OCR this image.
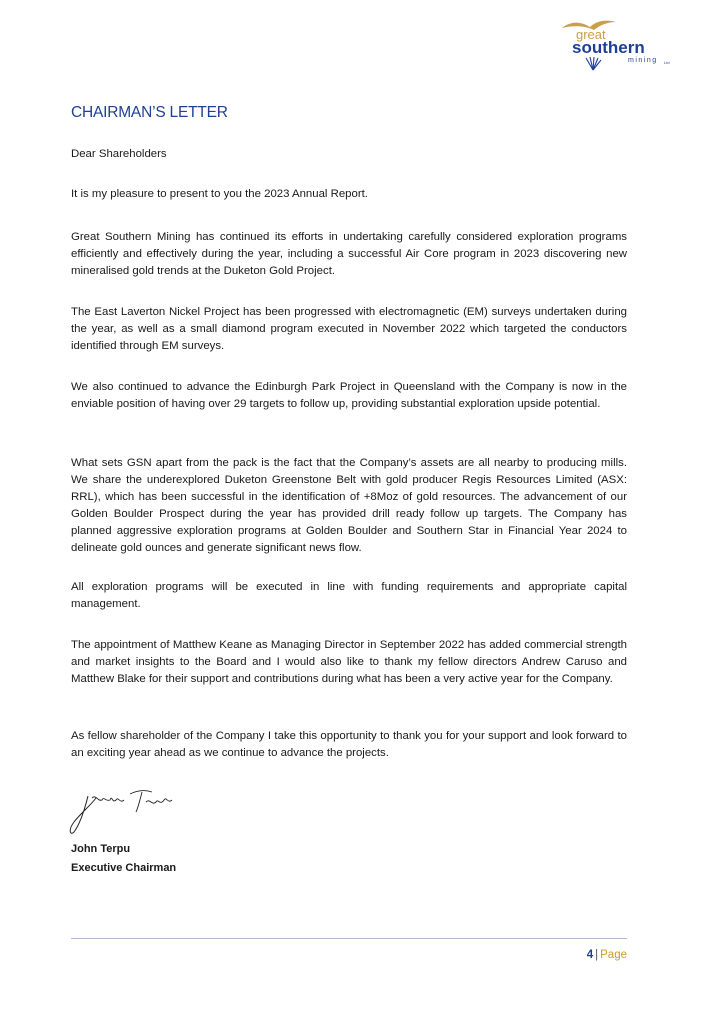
great
southern
mining Ltd
CHAIRMAN’S LETTER

Dear Shareholders

It is my pleasure to present to you the 2023 Annual Report.

Great Southern Mining has continued its efforts in undertaking carefully considered exploration programs efficiently and effectively during the year, including a successful Air Core program in 2023 discovering new mineralised gold trends at the Duketon Gold Project.

The East Laverton Nickel Project has been progressed with electromagnetic (EM) surveys undertaken during the year, as well as a small diamond program executed in November 2022 which targeted the conductors identified through EM surveys.

We also continued to advance the Edinburgh Park Project in Queensland with the Company is now in the enviable position of having over 29 targets to follow up, providing substantial exploration upside potential.

What sets GSN apart from the pack is the fact that the Company’s assets are all nearby to producing mills. We share the underexplored Duketon Greenstone Belt with gold producer Regis Resources Limited (ASX: RRL), which has been successful in the identification of +8Moz of gold resources. The advancement of our Golden Boulder Prospect during the year has provided drill ready follow up targets. The Company has planned aggressive exploration programs at Golden Boulder and Southern Star in Financial Year 2024 to delineate gold ounces and generate significant news flow.

All exploration programs will be executed in line with funding requirements and appropriate capital management.

The appointment of Matthew Keane as Managing Director in September 2022 has added commercial strength and market insights to the Board and I would also like to thank my fellow directors Andrew Caruso and Matthew Blake for their support and contributions during what has been a very active year for the Company.

As fellow shareholder of the Company I take this opportunity to thank you for your support and look forward to an exciting year ahead as we continue to advance the projects.

John Terpu

Executive Chairman

4 | Page
